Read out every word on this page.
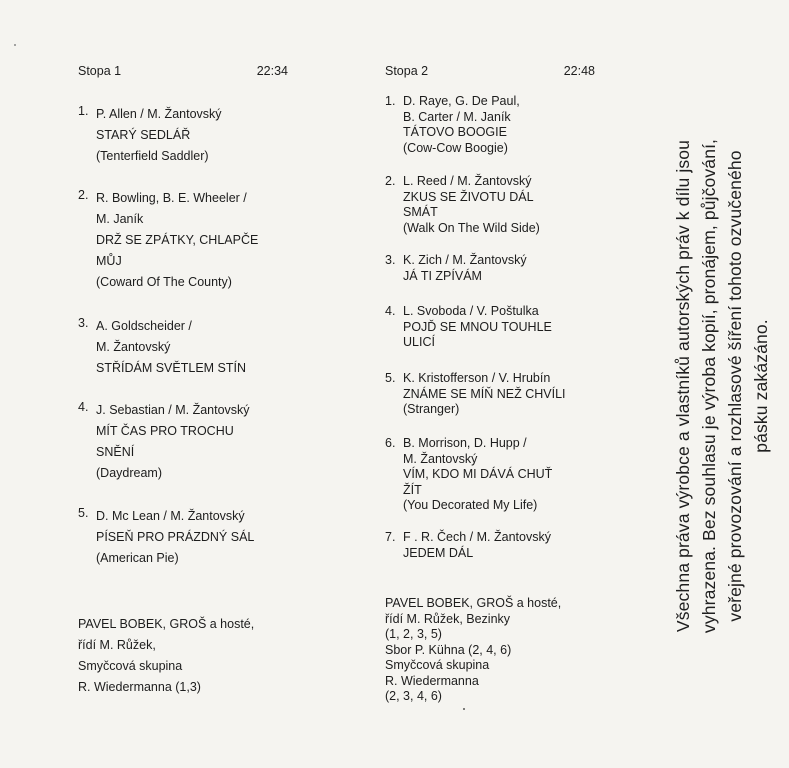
Stopa 1	22:34
1. P. Allen / M. Žantovský
STARÝ SEDLÁŘ
(Tenterfield Saddler)
2. R. Bowling, B. E. Wheeler /
M. Janík
DRŽ SE ZPÁTKY, CHLAPČE
MŮJ
(Coward Of The County)
3. A. Goldscheider /
M. Žantovský
STŘÍDÁM SVĚTLEM STÍN
4. J. Sebastian / M. Žantovský
MÍT ČAS PRO TROCHU
SNĚNÍ
(Daydream)
5. D. Mc Lean / M. Žantovský
PÍSEŇ PRO PRÁZDNÝ SÁL
(American Pie)
PAVEL BOBEK, GROŠ a hosté,
řídí M. Růžek,
Smyčcová skupina
R. Wiedermanna (1,3)
Stopa 2	22:48
1. D. Raye, G. De Paul,
B. Carter / M. Janík
TÁTOVO BOOGIE
(Cow-Cow Boogie)
2. L. Reed / M. Žantovský
ZKUS SE ŽIVOTU DÁL
SMÁT
(Walk On The Wild Side)
3. K. Zich / M. Žantovský
JÁ TI ZPÍVÁM
4. L. Svoboda / V. Poštulka
POJĎ SE MNOU TOUHLE
ULICÍ
5. K. Kristofferson / V. Hrubín
ZNÁME SE MÍŇ NEŽ CHVÍLI
(Stranger)
6. B. Morrison, D. Hupp /
M. Žantovský
VÍM, KDO MI DÁVÁ CHUŤ
ŽÍT
(You Decorated My Life)
7. F . R. Čech / M. Žantovský
JEDEM DÁL
PAVEL BOBEK, GROŠ a hosté,
řídí M. Růžek, Bezinky
(1, 2, 3, 5)
Sbor P. Kühna (2, 4, 6)
Smyčcová skupina
R. Wiedermanna
(2, 3, 4, 6)
Všechna práva výrobce a vlastníků autorských práv k dílu jsou vyhrazena. Bez souhlasu je výroba kopií, pronájem, půjčování, veřejné provozování a rozhlasové šíření tohoto ozvučeného pásku zakázáno.
